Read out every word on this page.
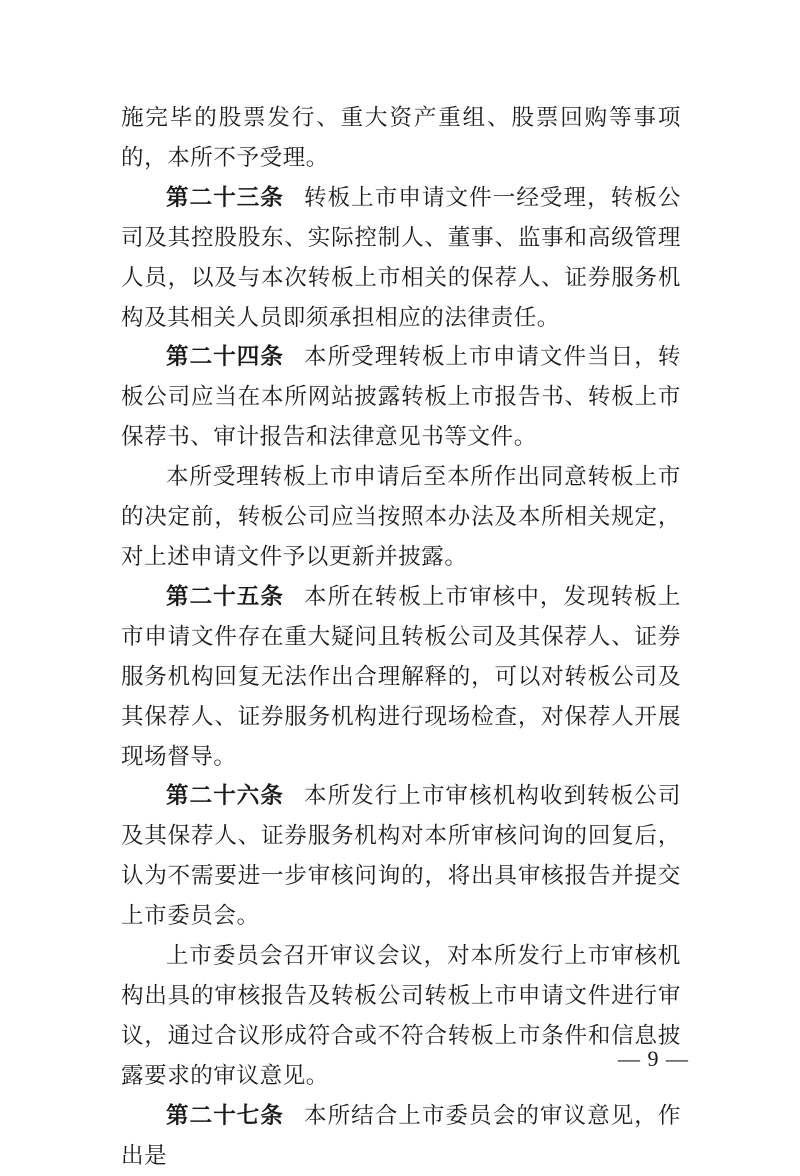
施完毕的股票发行、重大资产重组、股票回购等事项的，本所不予受理。

第二十三条 转板上市申请文件一经受理，转板公司及其控股股东、实际控制人、董事、监事和高级管理人员，以及与本次转板上市相关的保荐人、证券服务机构及其相关人员即须承担相应的法律责任。

第二十四条 本所受理转板上市申请文件当日，转板公司应当在本所网站披露转板上市报告书、转板上市保荐书、审计报告和法律意见书等文件。

本所受理转板上市申请后至本所作出同意转板上市的决定前，转板公司应当按照本办法及本所相关规定，对上述申请文件予以更新并披露。

第二十五条 本所在转板上市审核中，发现转板上市申请文件存在重大疑问且转板公司及其保荐人、证券服务机构回复无法作出合理解释的，可以对转板公司及其保荐人、证券服务机构进行现场检查，对保荐人开展现场督导。

第二十六条 本所发行上市审核机构收到转板公司及其保荐人、证券服务机构对本所审核问询的回复后，认为不需要进一步审核问询的，将出具审核报告并提交上市委员会。

上市委员会召开审议会议，对本所发行上市审核机构出具的审核报告及转板公司转板上市申请文件进行审议，通过合议形成符合或不符合转板上市条件和信息披露要求的审议意见。

第二十七条 本所结合上市委员会的审议意见，作出是

— 9 —
